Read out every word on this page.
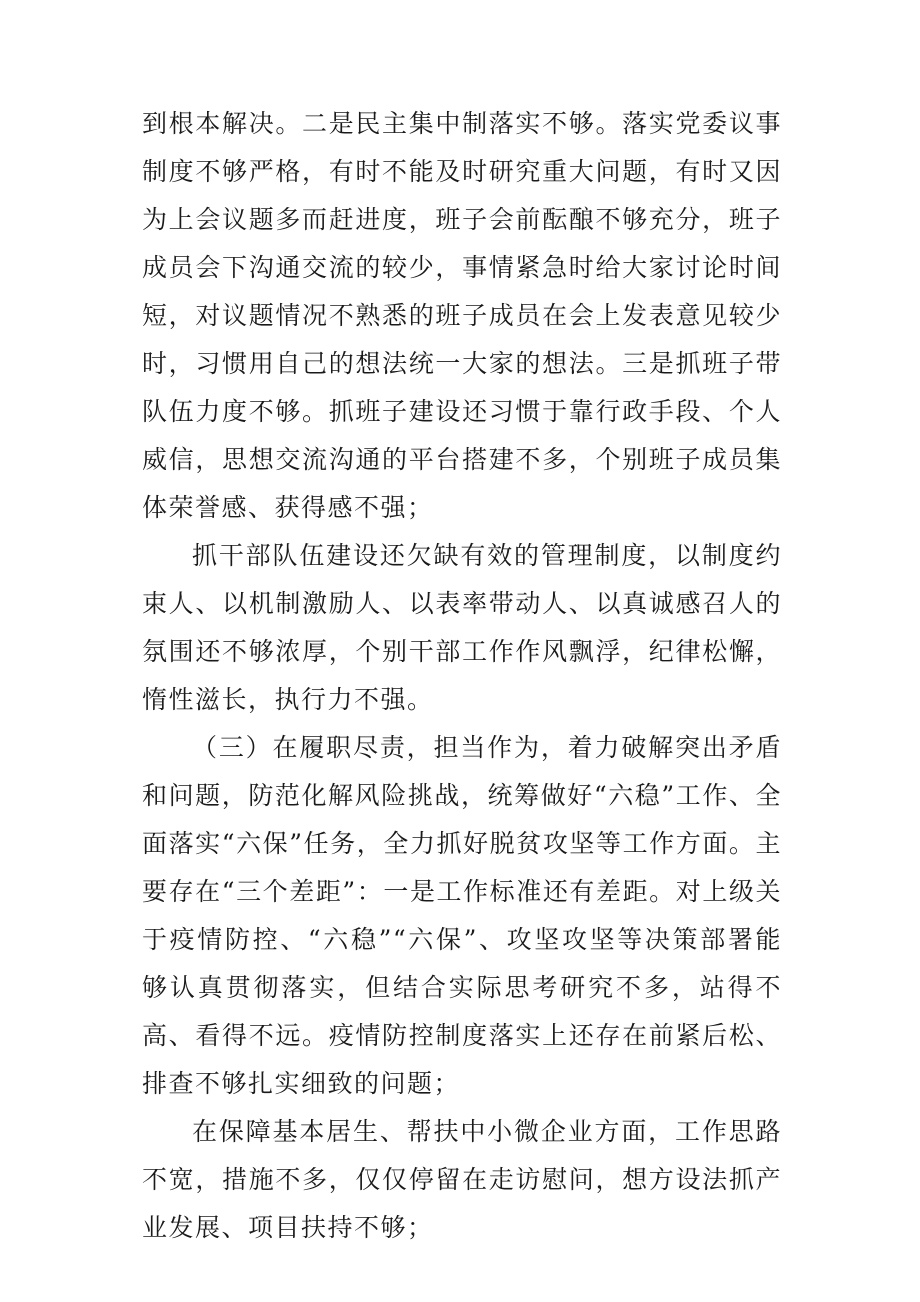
到根本解决。二是民主集中制落实不够。落实党委议事制度不够严格，有时不能及时研究重大问题，有时又因为上会议题多而赶进度，班子会前酝酿不够充分，班子成员会下沟通交流的较少，事情紧急时给大家讨论时间短，对议题情况不熟悉的班子成员在会上发表意见较少时，习惯用自己的想法统一大家的想法。三是抓班子带队伍力度不够。抓班子建设还习惯于靠行政手段、个人威信，思想交流沟通的平台搭建不多，个别班子成员集体荣誉感、获得感不强；

抓干部队伍建设还欠缺有效的管理制度，以制度约束人、以机制激励人、以表率带动人、以真诚感召人的氛围还不够浓厚，个别干部工作作风飘浮，纪律松懈，惰性滋长，执行力不强。

（三）在履职尽责，担当作为，着力破解突出矛盾和问题，防范化解风险挑战，统筹做好“六稳”工作、全面落实“六保”任务，全力抓好脱贫攻坚等工作方面。主要存在“三个差距”：一是工作标准还有差距。对上级关于疫情防控、“六稳”“六保”、攻坚攻坚等决策部署能够认真贯彻落实，但结合实际思考研究不多，站得不高、看得不远。疫情防控制度落实上还存在前紧后松、排查不够扎实细致的问题；

在保障基本居生、帮扶中小微企业方面，工作思路不宽，措施不多，仅仅停留在走访慰问，想方设法抓产业发展、项目扶持不够；
